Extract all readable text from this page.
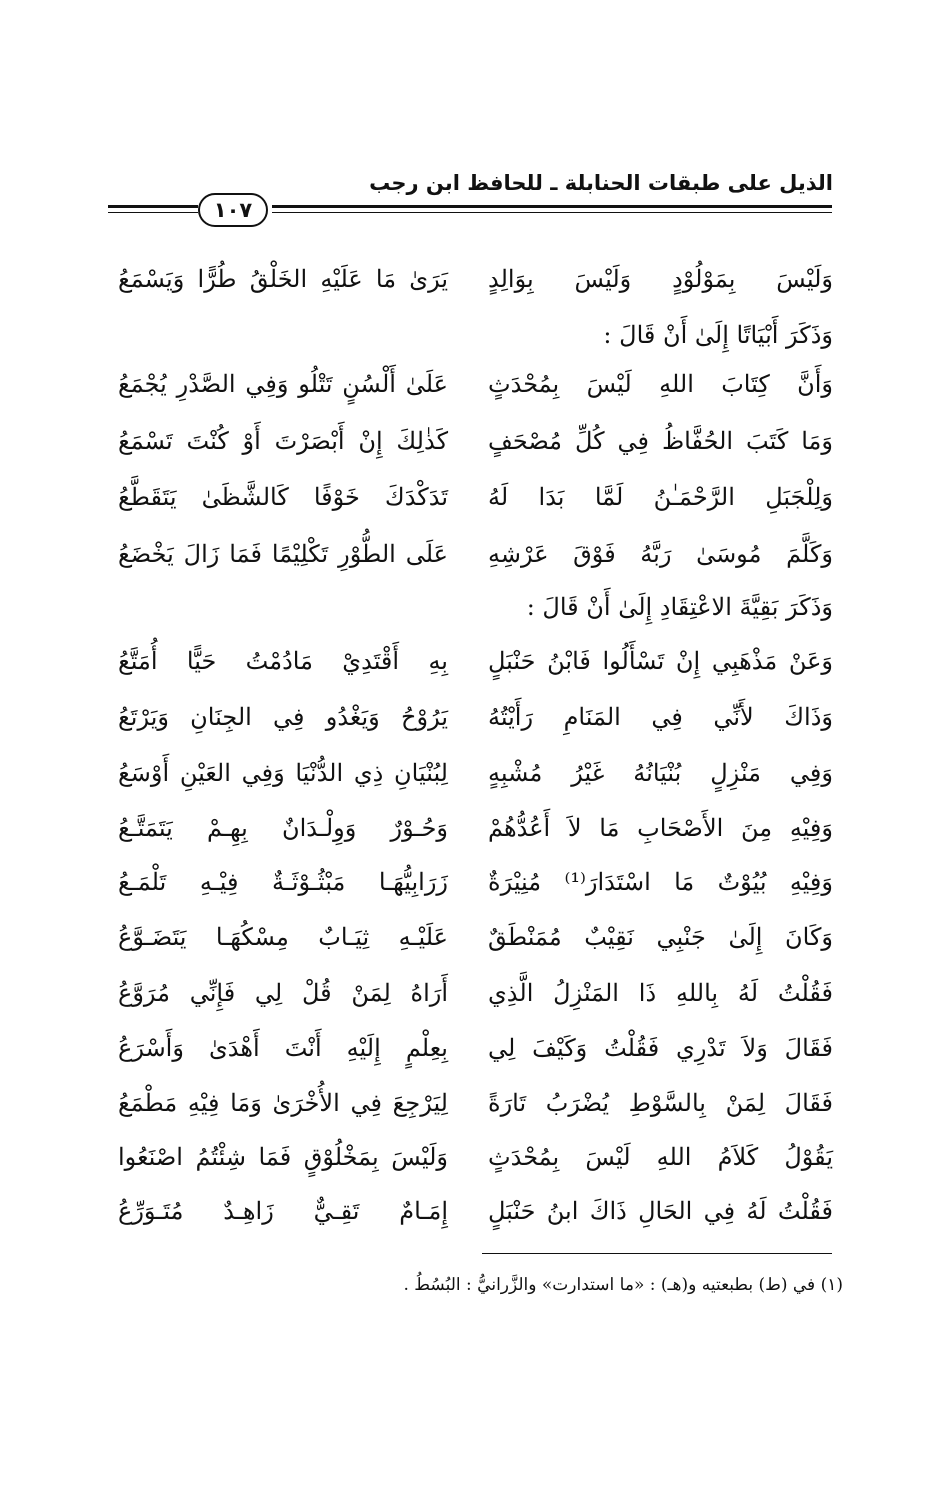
الذيل على طبقات الحنابلة ـ للحافظ ابن رجب
١٠٧
وَلَيْسَ بِمَوْلُوْدٍ وَلَيْسَ بِوَالِدٍ
يَرَىٰ مَا عَلَيْهِ الخَلْقُ طُرًّا وَيَسْمَعُ
وَذَكَرَ أَبْيَاتًا إِلَىٰ أَنْ قَالَ :
وَأَنَّ كِتَابَ اللهِ لَيْسَ بِمُحْدَثٍ
عَلَىٰ أَلْسُنٍ تَتْلُو وَفِي الصَّدْرِ يُجْمَعُ
وَمَا كَتَبَ الحُفَّاظُ فِي كُلِّ مُصْحَفٍ
كَذٰلِكَ إِنْ أَبْصَرْتَ أَوْ كُنْتَ تَسْمَعُ
وَلِلْجَبَلِ الرَّحْمَـٰنُ لَمَّا بَدَا لَهُ
تَدَكْدَكَ خَوْفًا كَالشَّظَىٰ يَتَقَطَّعُ
وَكَلَّمَ مُوسَىٰ رَبَّهُ فَوْقَ عَرْشِهِ
عَلَى الطُّوْرِ تَكْلِيْمًا فَمَا زَالَ يَخْضَعُ
وَذَكَرَ بَقِيَّةَ الاعْتِقَادِ إِلَىٰ أَنْ قَالَ :
وَعَنْ مَذْهَبِي إِنْ تَسْأَلُوا فَابْنُ حَنْبَلٍ
بِهِ أَقْتَدِيْ مَادُمْتُ حَيًّا أُمَتَّعُ
وَذَاكَ لأَنِّي فِي المَنَامِ رَأَيْتُهُ
يَرُوْحُ وَيَغْدُو فِي الجِنَانِ وَيَرْتَعُ
وَفِي مَنْزِلٍ بُنْيَانُهُ غَيْرُ مُشْبِهٍ
لِبُنْيَانِ ذِي الدُّنْيَا وَفِي العَيْنِ أَوْسَعُ
وَفِيْهِ مِنَ الأَصْحَابِ مَا لاَ أَعُدُّهُمْ
وَحُـوْرٌ وَوِلْـدَانٌ بِهِـمْ يَتَمَتَّـعُ
وَفِيْهِ بُيُوْتٌ مَا اسْتَدَارَ⁽¹⁾ مُنِيْرَةٌ
زَرَابِيُّهَـا مَبْثُـوْثَـةٌ فِيْـهِ تَلْمَـعُ
وَكَانَ إِلَىٰ جَنْبِي نَقِيْبٌ مُمَنْطَقٌ
عَلَيْـهِ ثِيَـابٌ مِسْكُهَـا يَتَضَـوَّعُ
فَقُلْتُ لَهُ بِاللهِ ذَا المَنْزِلُ الَّذِي
أَرَاهُ لِمَنْ قُلْ لِي فَإِنِّي مُرَوَّعُ
فَقَالَ وَلاَ تَدْرِي فَقُلْتُ وَكَيْفَ لِي
بِعِلْمٍ إِلَيْهِ أَنْتَ أَهْدَىٰ وَأَسْرَعُ
فَقَالَ لِمَنْ بِالسَّوْطِ يُضْرَبُ تَارَةً
لِيَرْجِعَ فِي الأُخْرَىٰ وَمَا فِيْهِ مَطْمَعُ
يَقُوْلُ كَلاَمُ اللهِ لَيْسَ بِمُحْدَثٍ
وَلَيْسَ بِمَخْلُوْقٍ فَمَا شِئْتُمُ اصْنَعُوا
فَقُلْتُ لَهُ فِي الحَالِ ذَاكَ ابنُ حَنْبَلٍ
إِمَـامٌ تَقِـيٌّ زَاهِـدٌ مُتَـوَرِّعُ
(١) في (ط) بطبعتيه و(هـ) : «ما استدارت» والزَّرانيُّ : البُسُطُ .
